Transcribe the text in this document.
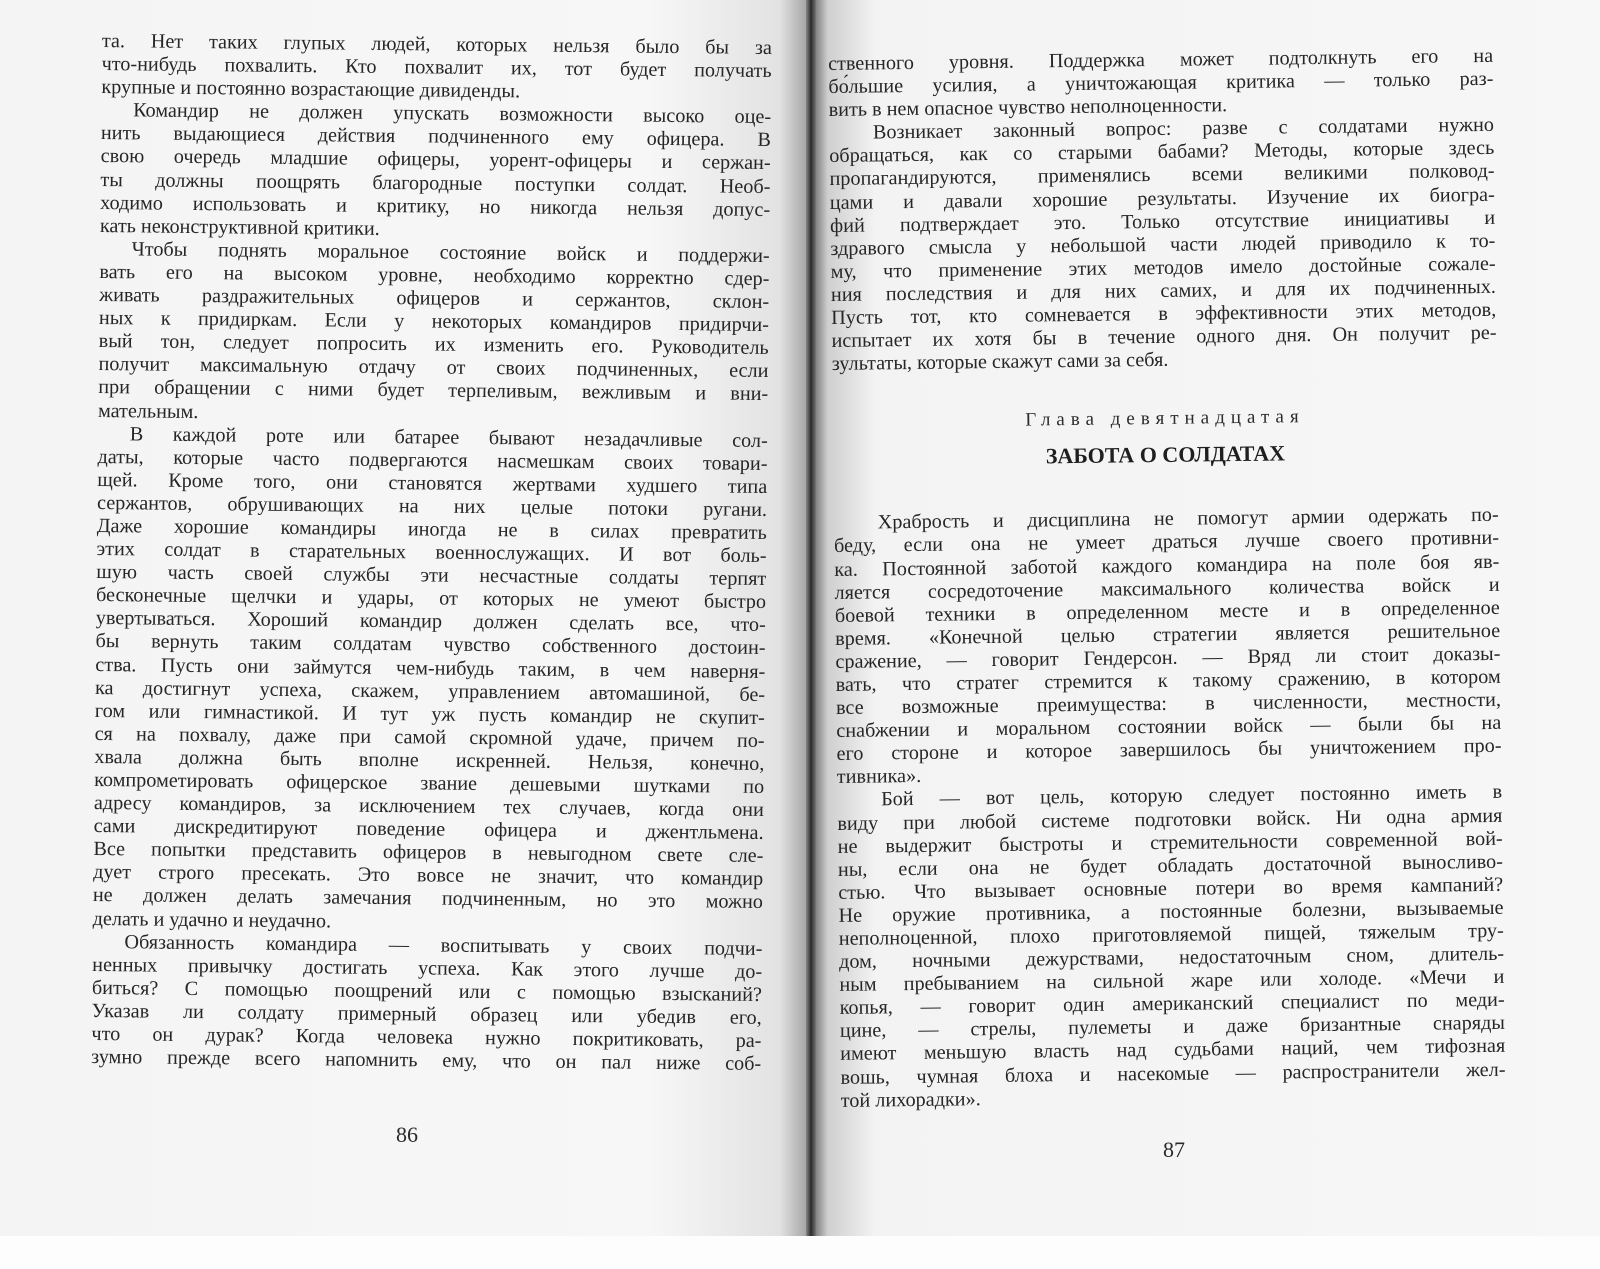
та. Нет таких глупых людей, которых нельзя было бы за
что-нибудь похвалить. Кто похвалит их, тот будет получать
крупные и постоянно возрастающие дивиденды.
Командир не должен упускать возможности высоко оце-
нить выдающиеся действия подчиненного ему офицера. В
свою очередь младшие офицеры, уорент-офицеры и сержан-
ты должны поощрять благородные поступки солдат. Необ-
ходимо использовать и критику, но никогда нельзя допус-
кать неконструктивной критики.
Чтобы поднять моральное состояние войск и поддержи-
вать его на высоком уровне, необходимо корректно сдер-
живать раздражительных офицеров и сержантов, склон-
ных к придиркам. Если у некоторых командиров придирчи-
вый тон, следует попросить их изменить его. Руководитель
получит максимальную отдачу от своих подчиненных, если
при обращении с ними будет терпеливым, вежливым и вни-
мательным.
В каждой роте или батарее бывают незадачливые сол-
даты, которые часто подвергаются насмешкам своих товари-
щей. Кроме того, они становятся жертвами худшего типа
сержантов, обрушивающих на них целые потоки ругани.
Даже хорошие командиры иногда не в силах превратить
этих солдат в старательных военнослужащих. И вот боль-
шую часть своей службы эти несчастные солдаты терпят
бесконечные щелчки и удары, от которых не умеют быстро
увертываться. Хороший командир должен сделать все, что-
бы вернуть таким солдатам чувство собственного достоин-
ства. Пусть они займутся чем-нибудь таким, в чем наверня-
ка достигнут успеха, скажем, управлением автомашиной, бе-
гом или гимнастикой. И тут уж пусть командир не скупит-
ся на похвалу, даже при самой скромной удаче, причем по-
хвала должна быть вполне искренней. Нельзя, конечно,
компрометировать офицерское звание дешевыми шутками по
адресу командиров, за исключением тех случаев, когда они
сами дискредитируют поведение офицера и джентльмена.
Все попытки представить офицеров в невыгодном свете сле-
дует строго пресекать. Это вовсе не значит, что командир
не должен делать замечания подчиненным, но это можно
делать и удачно и неудачно.
Обязанность командира — воспитывать у своих подчи-
ненных привычку достигать успеха. Как этого лучше до-
биться? С помощью поощрений или с помощью взысканий?
Указав ли солдату примерный образец или убедив его,
что он дурак? Когда человека нужно покритиковать, ра-
зумно прежде всего напомнить ему, что он пал ниже соб-
86
ственного уровня. Поддержка может подтолкнуть его на
бо́льшие усилия, а уничтожающая критика — только раз-
вить в нем опасное чувство неполноценности.
Возникает законный вопрос: разве с солдатами нужно
обращаться, как со старыми бабами? Методы, которые здесь
пропагандируются, применялись всеми великими полковод-
цами и давали хорошие результаты. Изучение их биогра-
фий подтверждает это. Только отсутствие инициативы и
здравого смысла у небольшой части людей приводило к то-
му, что применение этих методов имело достойные сожале-
ния последствия и для них самих, и для их подчиненных.
Пусть тот, кто сомневается в эффективности этих методов,
испытает их хотя бы в течение одного дня. Он получит ре-
зультаты, которые скажут сами за себя.
Глава девятнадцатая
ЗАБОТА О СОЛДАТАХ
Храбрость и дисциплина не помогут армии одержать по-
беду, если она не умеет драться лучше своего противни-
ка. Постоянной заботой каждого командира на поле боя яв-
ляется сосредоточение максимального количества войск и
боевой техники в определенном месте и в определенное
время. «Конечной целью стратегии является решительное
сражение, — говорит Гендерсон. — Вряд ли стоит доказы-
вать, что стратег стремится к такому сражению, в котором
все возможные преимущества: в численности, местности,
снабжении и моральном состоянии войск — были бы на
его стороне и которое завершилось бы уничтожением про-
тивника».
Бой — вот цель, которую следует постоянно иметь в
виду при любой системе подготовки войск. Ни одна армия
не выдержит быстроты и стремительности современной вой-
ны, если она не будет обладать достаточной выносливо-
стью. Что вызывает основные потери во время кампаний?
Не оружие противника, а постоянные болезни, вызываемые
неполноценной, плохо приготовляемой пищей, тяжелым тру-
дом, ночными дежурствами, недостаточным сном, длитель-
ным пребыванием на сильной жаре или холоде. «Мечи и
копья, — говорит один американский специалист по меди-
цине, — стрелы, пулеметы и даже бризантные снаряды
имеют меньшую власть над судьбами наций, чем тифозная
вошь, чумная блоха и насекомые — распространители жел-
той лихорадки».
87
